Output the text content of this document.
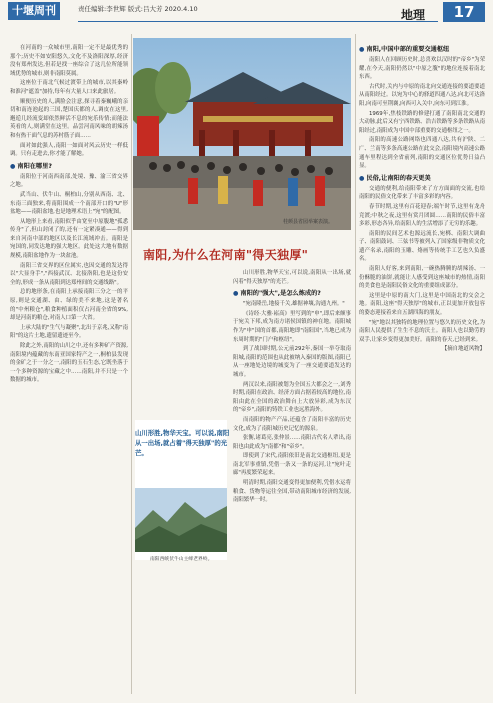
十堰周刊	责任编辑:李世辉 版式:吕大芳 2020.4.10	地理	17

在河南的一众城市里,南阳一定不是最优秀的那个;历史不如安阳悠久,文化不及洛阳深厚,经济没有郑州发达,但若是找一座综合了这几位所能领域优势的城市,则非南阳莫属。

这座位于南北气候过渡带上的城市,以其秦岭和淮河"遮盖"加持,每年有大量人口来此旅居。

顺便历史的人,满脸会注意,探寻着秦巍峨的亲切和南连池起的三国,楚国庆都的人,调皮在这里,邂逅几经流变却依然鲜活不息的宛乐传情;而能法英看的人,则满堂在这里。品尝河南风味的胡辣汤和有热干面气息的苏村筋子面……

面对如此强人,南阳一如面对风云历史一样低调。只有走进去,你才能了解她。

● 南阳在哪里?

南阳位于河南西南部,处境、豫、渝三省交界之地。

武当山、伏牛山、桐柏山,分别从西南、北、东南三面独来,将南阳围成一个南部开口的"U"形盆地——南阳盆地,也是地理术语上"宛"的配图。

从地形上来看,南阳似乎由宽至中原腹地"孤悉传身"了,但山封闭了的,还有一定紧凑通——得到来自河南中部的地区以及长江流域冲击。南阳是宛国的,同发达地的强大地区。此处这大地有数据规模,南阳盆地作为一块盆池。

南阳三省交界的区位属实,也因交通的发达得以"大显身手","西接武汉、北接洛阳,也是这份安全的,形成一条从南阳到达郑州间的交通线路"。

总的地形条,在南阳上承接南阳三分之一的平原,则是交通湖、由、绿的美不来地,这是著名的"中州粮仓",粮食种植面积仅占河南全省的9%,却是河南的粮仓,对南人口第一大省。

上承大陆的"生气与凝聚",北出于京兆,又称"南阳"的这片土地,遗留遗迹至今。

除此之外,南阳的山川之中,还有多种矿产资源,南阳境内蕴藏的东南亚国家特产之一,桐柏县发现的金矿之于一分之一,南阳的玉石生态,它既坐落于一个多种资源的宝藏之中……南阳,并不只是一个数据的城市。

桂颜县省园举案表演。
南阳,为什么在河南"得天独厚"
山川形胜,物华天宝。可以说,南阳从一出场,就占着"得天独厚"的光芒。
南阳西峡伏牛山主峰老界岭。

山川形胜,物华天宝,可以说,南阳从一出场,就闪着"得天独厚"的光芒。

● 南阳的"强大",是怎么炼成的?

"宛南隆岳,地接千关,雄据神壤,沟通九州。"

《诗经·大雅·崧高》里写到的"申",即后来颇事于宛关下邦,成为南方诸侯国镇的神在地。南阳城作为"申"国的首都,南阳地即"南阳国",当地已成为东周时期的"门户和枢纽"。

到了战国时期,公元前292年,秦国一举夺取南阳城,南阳的范围也从此被纳入秦国的版图,南阳已从一座地处边境的城变为了一座交通要道发达的城市。

两汉以来,南阳被划为全国五大都会之一,刘秀时期,南阳在政治、经济方面占据着较高的地位,南阳由此在全国的政治舞台上大放异彩,成为东汉的"帝乡",南阳的铸铁工业也远胜海外。

而南阳的物产产品,还蕴含了南阳丰富的历史文化,成为了南阳城历史记忆的源泉。

张衡,诸葛亮,张仲景……南阳古代名人辈出,南阳也由此成为"南都"和"帝乡"。

即使到了宋代,南阳依旧是南北交通枢纽,更是南北军事重镇,凭借一条又一条的运河,让"宛叶走廊"再度繁荣起来。

明清时期,南阳交通变得更加便利,凭借水运将粮食、货物等运往全国,带动南阳城市经济的发展,南阳繁华一时。

● 南阳,中国中部的重要交通枢纽

南阳人在回顾历史时,总喜欢以汉时的"帝乡"为荣耀,在今天,南阳仍然以"中原之腹"的地位连接着南北东西。

古代时,关内与中原的南北向交通连接的要道要道从南阳经过。以宛为中心的驿道四通八达,向北可达洛阳,向南可至荆襄,向西可入关中,向东可到江淮。

1969年,焦枝铁路的修建打通了南阳南北交通的大动脉,此后又有宁西铁路、浩吉铁路等多条铁路从南阳经过,南阳成为中国中部重要的交通枢纽之一。

南阳的高速公路网络也四通八达,共有沪陕、二广、兰南等多条高速公路在此交会,南阳境内高速公路通车里程达到全省前列,南阳的交通区位优势日益凸显。

● 民俗,让南阳的春天更美

交通的便利,给南阳带来了方方面面的交流,也给南阳的民俗文化带来了丰富多彩的内容。

春节时期,这里有百花迎春;端午时节,这里有龙舟竞渡;中秋之夜,这里有赏月团圆……南阳的民俗丰富多彩,形态各异,给南阳人的生活增添了无穷的乐趣。

南阳的民间艺术也源远流长,宛梆、南阳大调曲子、南阳鼓词、三弦书等被列入了国家级非物质文化遗产名录,南阳的玉雕、烙画等传统手工艺也久负盛名。

南阳人好客,来到南阳,一碗热腾腾的胡辣汤、一份酥脆的油饼,就能让人感受到这座城市的热情,南阳的美食也是南阳民俗文化的重要组成部分。

这里是中原的南大门,这里是中国南北的交会之地。南阳,这座"得天独厚"的城市,正以更加开放包容的姿态迎接着来自五湖四海的朋友。

"宛"地以其独特的地理位置与悠久的历史文化,为南阳人民提供了生生不息的沃土。南阳人也以勤劳的双手,让家乡变得更加美好。南阳的春天,已经到来。

【摘自地道风物】
